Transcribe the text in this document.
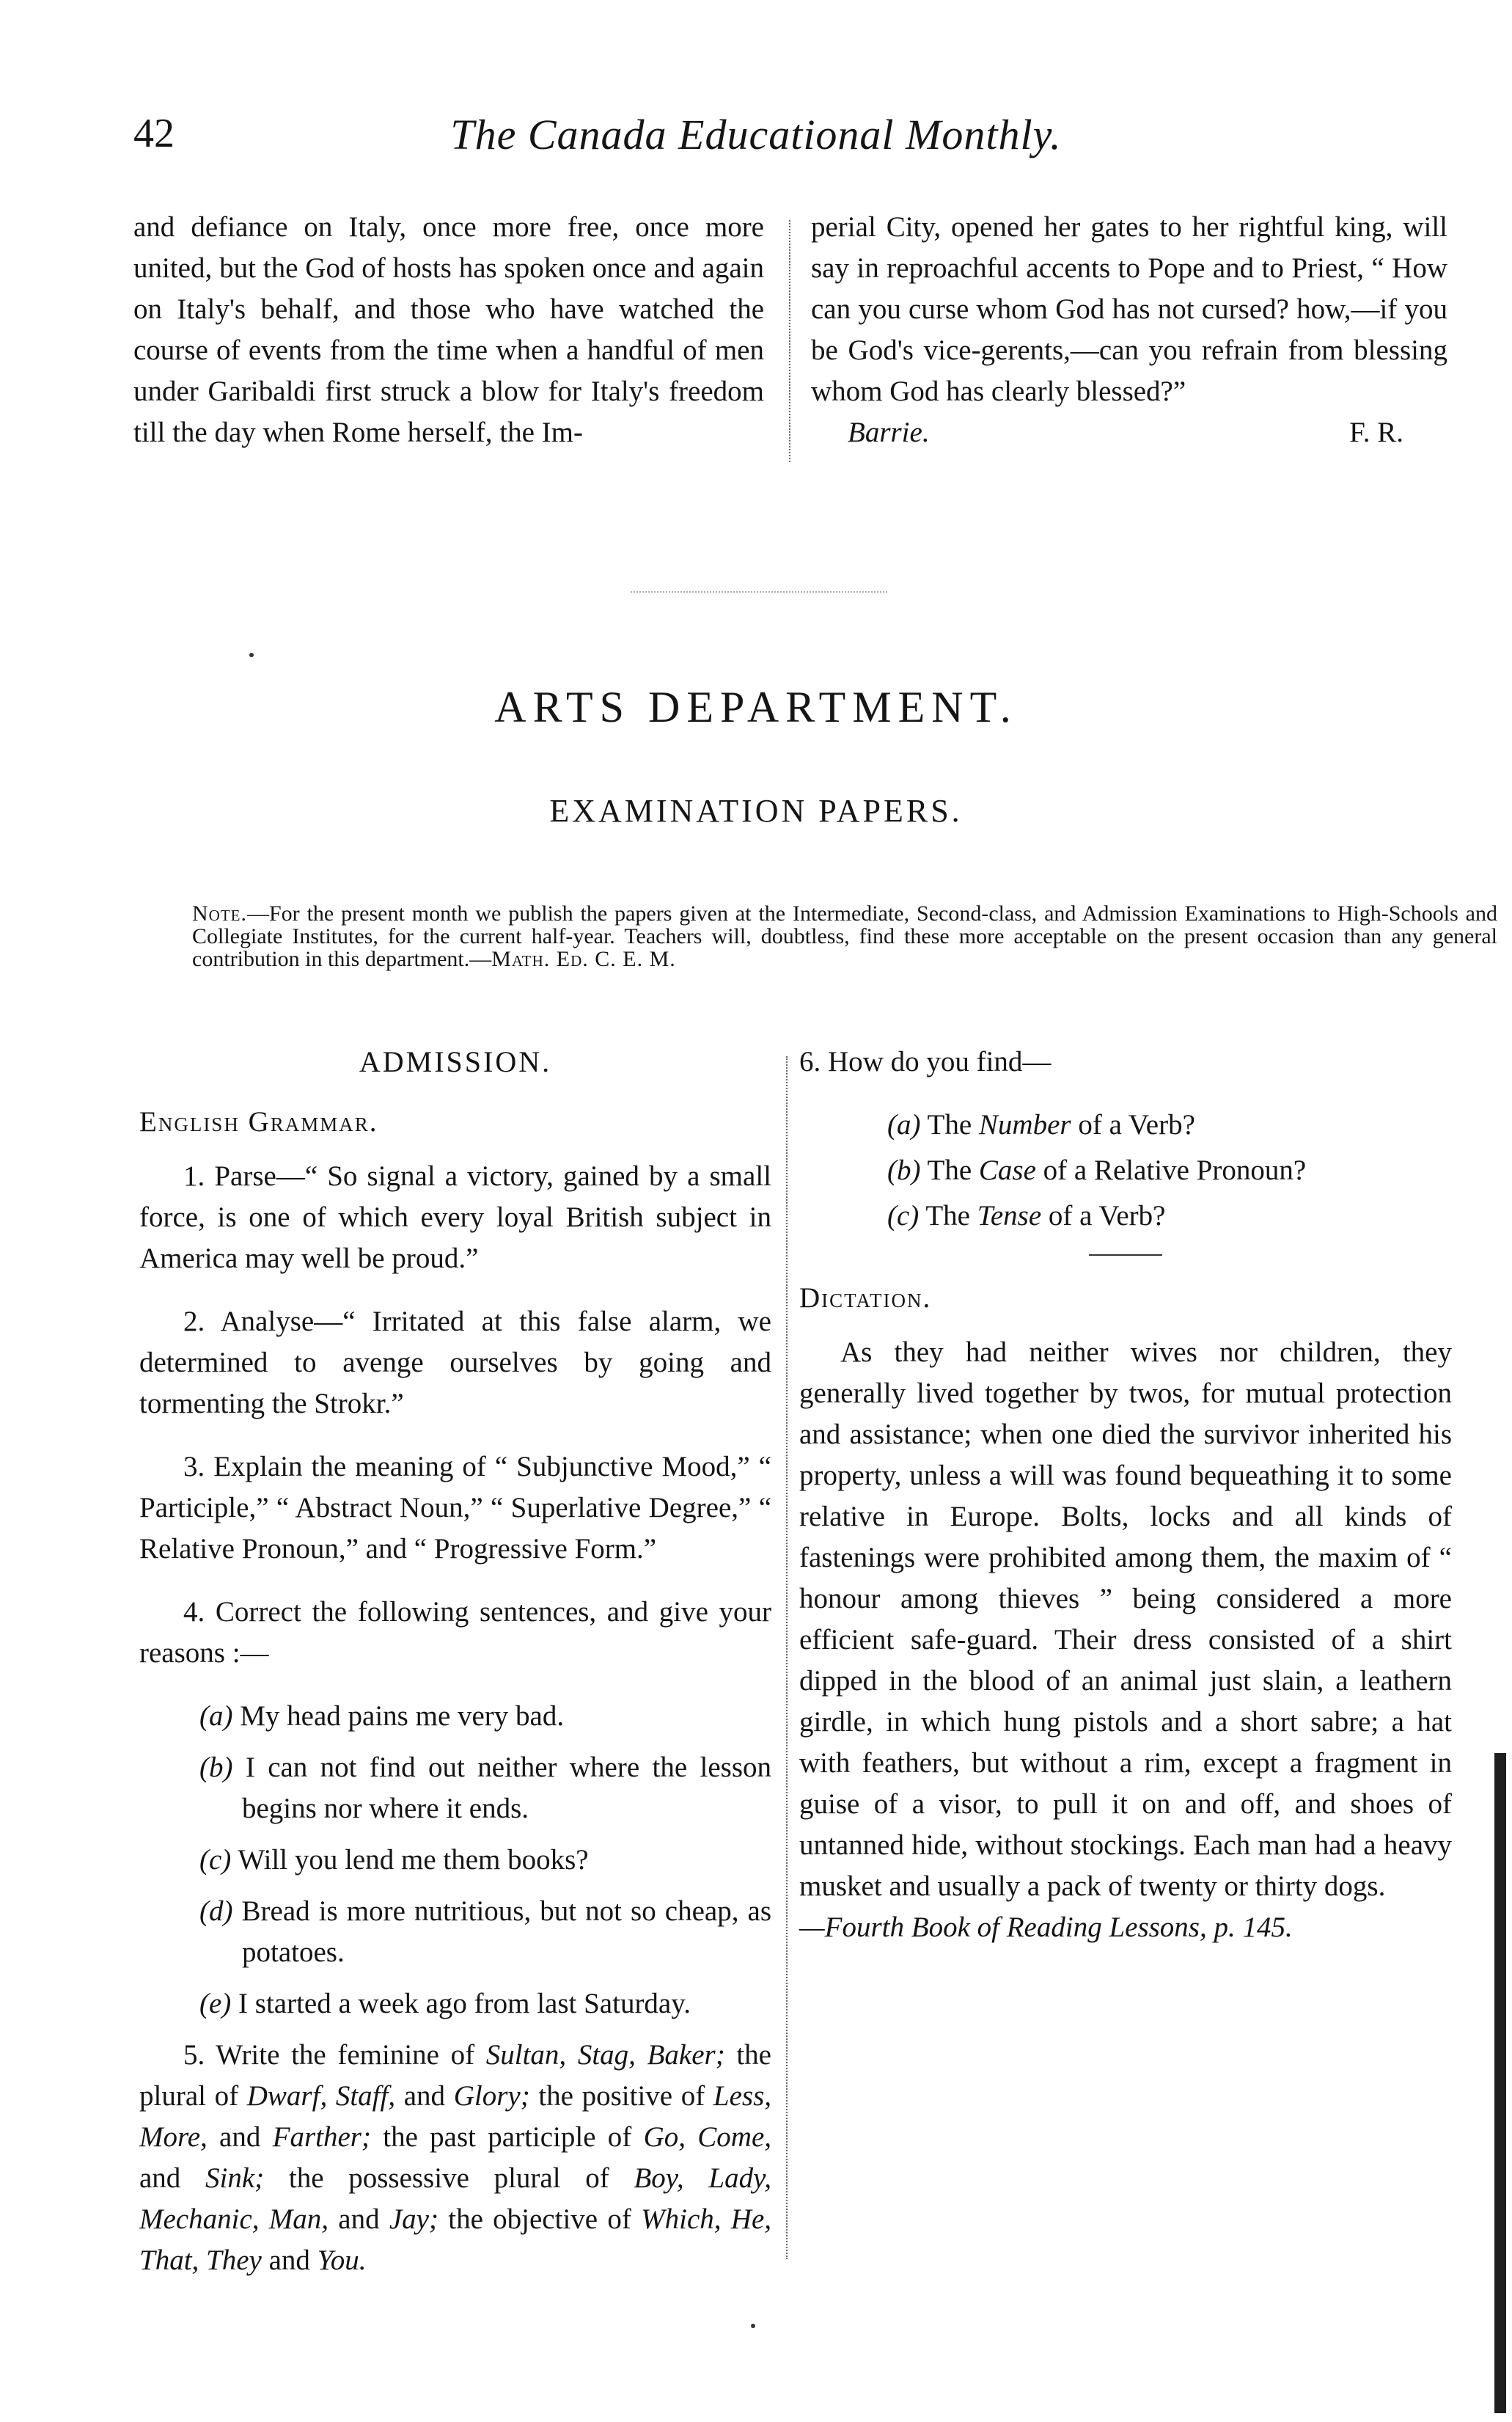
42	The Canada Educational Monthly.

and defiance on Italy, once more free, once more united, but the God of hosts has spoken once and again on Italy's behalf, and those who have watched the course of events from the time when a handful of men under Garibaldi first struck a blow for Italy's freedom till the day when Rome herself, the Im-

perial City, opened her gates to her rightful king, will say in reproachful accents to Pope and to Priest, “ How can you curse whom God has not cursed? how,—if you be God's vice-gerents,—can you refrain from blessing whom God has clearly blessed?”

Barrie.	F. R.
ARTS DEPARTMENT.
EXAMINATION PAPERS.
Note.—For the present month we publish the papers given at the Intermediate, Second-class, and Admission Examinations to High-Schools and Collegiate Institutes, for the current half-year. Teachers will, doubtless, find these more acceptable on the present occasion than any general contribution in this department.—Math. Ed. C. E. M.

ADMISSION.

English Grammar.

1. Parse—“ So signal a victory, gained by a small force, is one of which every loyal British subject in America may well be proud.”

2. Analyse—“ Irritated at this false alarm, we determined to avenge ourselves by going and tormenting the Strokr.”

3. Explain the meaning of “ Subjunctive Mood,” “ Participle,” “ Abstract Noun,” “ Superlative Degree,” “ Relative Pronoun,” and “ Progressive Form.”

4. Correct the following sentences, and give your reasons :—

(a) My head pains me very bad.

(b) I can not find out neither where the lesson begins nor where it ends.

(c) Will you lend me them books?

(d) Bread is more nutritious, but not so cheap, as potatoes.

(e) I started a week ago from last Saturday.

5. Write the feminine of Sultan, Stag, Baker; the plural of Dwarf, Staff, and Glory; the positive of Less, More, and Farther; the past participle of Go, Come, and Sink; the possessive plural of Boy, Lady, Mechanic, Man, and Jay; the objective of Which, He, That, They and You.

6. How do you find—

(a) The Number of a Verb?

(b) The Case of a Relative Pronoun?

(c) The Tense of a Verb?

Dictation.

As they had neither wives nor children, they generally lived together by twos, for mutual protection and assistance; when one died the survivor inherited his property, unless a will was found bequeathing it to some relative in Europe. Bolts, locks and all kinds of fastenings were prohibited among them, the maxim of “ honour among thieves ” being considered a more efficient safe-guard. Their dress consisted of a shirt dipped in the blood of an animal just slain, a leathern girdle, in which hung pistols and a short sabre; a hat with feathers, but without a rim, except a fragment in guise of a visor, to pull it on and off, and shoes of untanned hide, without stockings. Each man had a heavy musket and usually a pack of twenty or thirty dogs.

—Fourth Book of Reading Lessons, p. 145.
